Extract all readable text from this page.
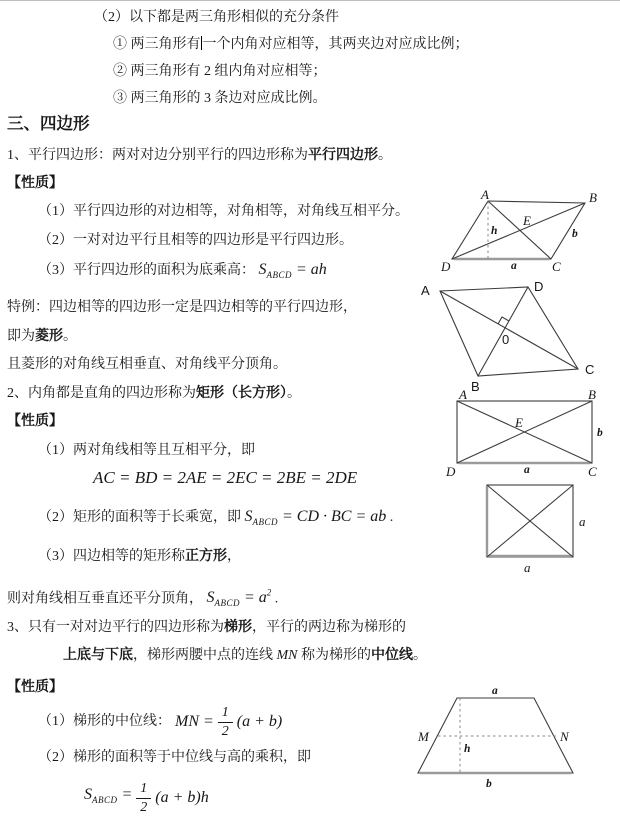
（2）以下都是两三角形相似的充分条件
① 两三角形有 一个内角对应相等，其两夹边对应成比例；
② 两三角形有 2 组内角对应相等；
③ 两三角形的 3 条边对应成比例。
三、四边形
1、平行四边形：两对对边分别平行的四边形称为平行四边形。
【性质】
（1）平行四边形的对边相等，对角相等，对角线互相平分。
（2）一对对边平行且相等的四边形是平行四边形。
（3）平行四边形的面积为底乘高： $S_{ABCD}$ = ah
特例：四边相等的四边形一定是四边相等的平行四边形，
即为菱形。
且菱形的对角线互相垂直、对角线平分顶角。
2、内角都是直角的四边形称为矩形（长方形）。
【性质】
（1）两对角线相等且互相平分，即
AC = BD = 2AE = 2EC = 2BE = 2DE
（2）矩形的面积等于长乘宽，即 $S_{ABCD}$ = CD · BC = ab .
（3）四边相等的矩形称正方形，
则对角线相互垂直还平分顶角， $S_{ABCD} = a^2$ .
3、只有一对对边平行的四边形称为梯形，平行的两边称为梯形的
上底与下底，梯形两腰中点的连线 MN 称为梯形的中位线。
【性质】
（1）梯形的中位线： MN = $\frac{1}{2} (a + b)$
（2）梯形的面积等于中位线与高的乘积，即
$S_{ABCD} = \frac{1}{2} (a + b)h$
A	B
C
D
E
h
a
b
A	D
B
C
0
A	B
D	C
E
a
b
a
a
a
b
M	N
h
